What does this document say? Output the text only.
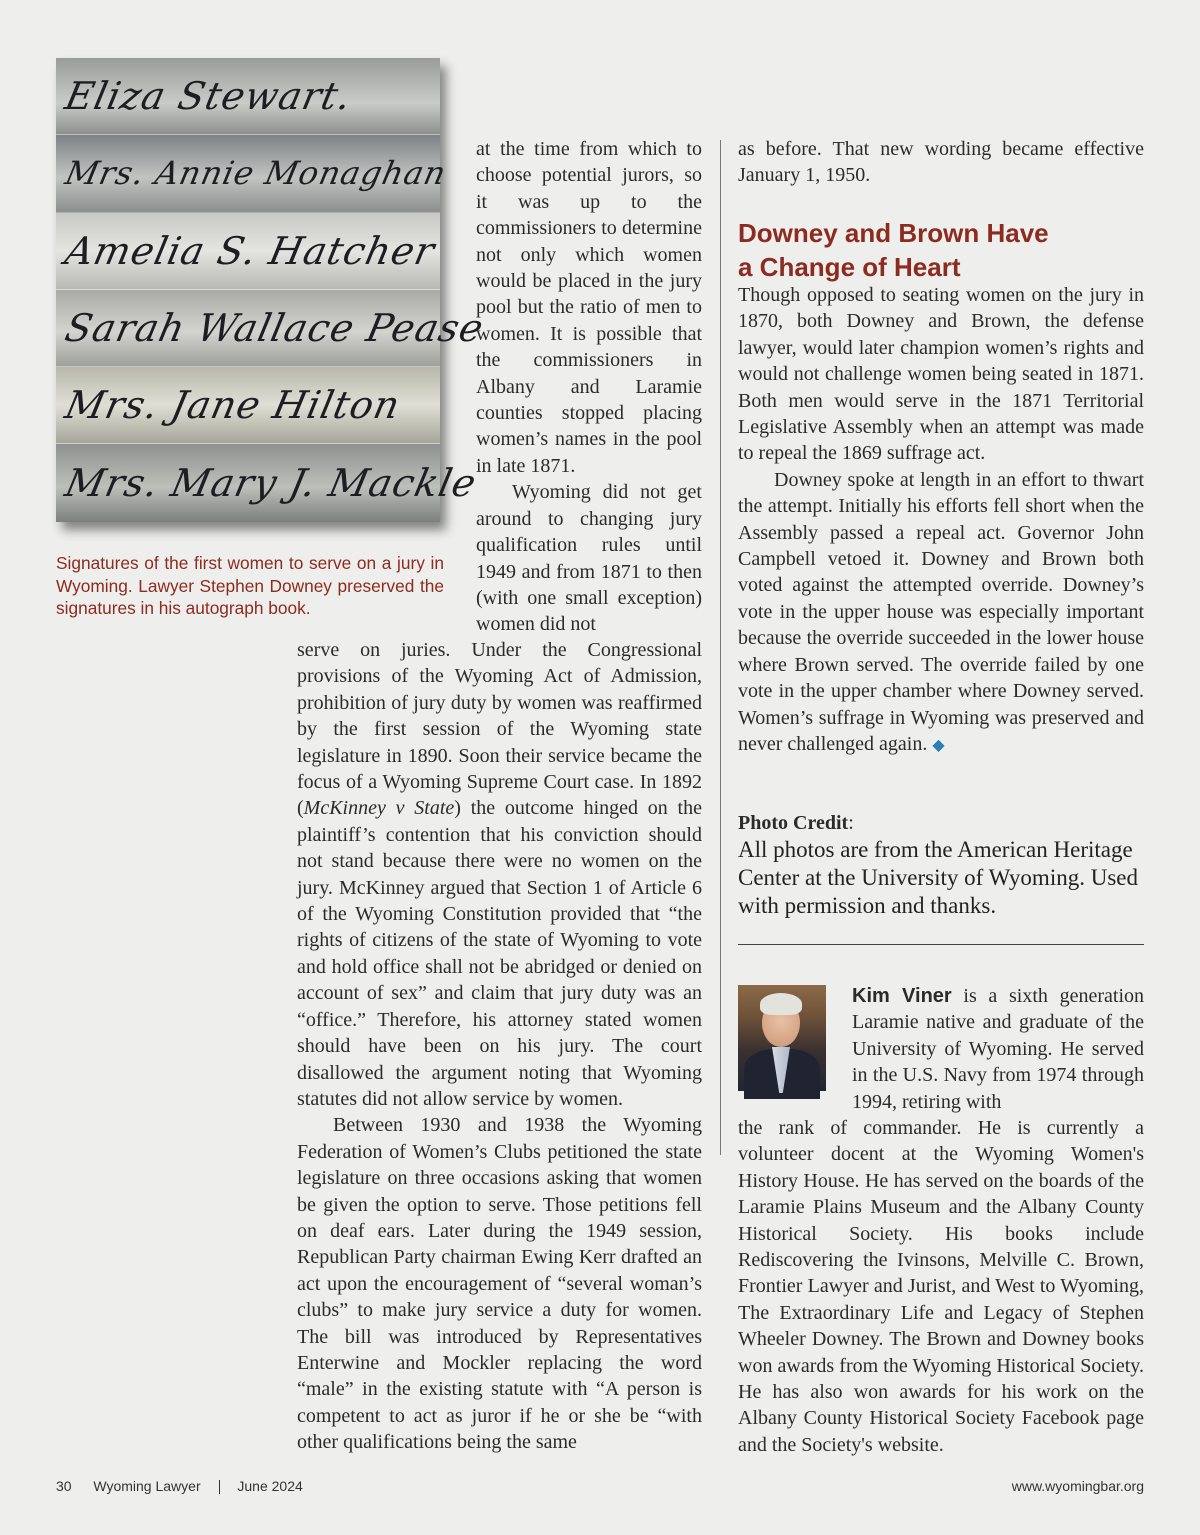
Eliza Stewart.
Mrs. Annie Monaghan
Amelia S. Hatcher
Sarah Wallace Pease
Mrs. Jane Hilton
Mrs. Mary J. Mackle
Signatures of the first women to serve on a jury in Wyoming. Lawyer Stephen Downey preserved the signatures in his autograph book.

at the time from which to choose potential jurors, so it was up to the commissioners to determine not only which women would be placed in the jury pool but the ratio of men to women. It is possible that the commissioners in Albany and Laramie counties stopped placing women’s names in the pool in late 1871.

Wyoming did not get around to changing jury qualification rules until 1949 and from 1871 to then (with one small exception) women did not

serve on juries. Under the Congressional provisions of the Wyoming Act of Admission, prohibition of jury duty by women was reaffirmed by the first session of the Wyoming state legislature in 1890. Soon their service became the focus of a Wyoming Supreme Court case. In 1892 (McKinney v State) the outcome hinged on the plaintiff’s contention that his conviction should not stand because there were no women on the jury. McKinney argued that Section 1 of Article 6 of the Wyoming Constitution provided that “the rights of citizens of the state of Wyoming to vote and hold office shall not be abridged or denied on account of sex” and claim that jury duty was an “office.” Therefore, his attorney stated women should have been on his jury. The court disallowed the argument noting that Wyoming statutes did not allow service by women.

Between 1930 and 1938 the Wyoming Federation of Women’s Clubs petitioned the state legislature on three occasions asking that women be given the option to serve. Those petitions fell on deaf ears. Later during the 1949 session, Republican Party chairman Ewing Kerr drafted an act upon the encouragement of “several woman’s clubs” to make jury service a duty for women. The bill was introduced by Representatives Enterwine and Mockler replacing the word “male” in the existing statute with “A person is competent to act as juror if he or she be “with other qualifications being the same

as before. That new wording became effective January 1, 1950.

Downey and Brown Have
a Change of Heart

Though opposed to seating women on the jury in 1870, both Downey and Brown, the defense lawyer, would later champion women’s rights and would not challenge women being seated in 1871. Both men would serve in the 1871 Territorial Legislative Assembly when an attempt was made to repeal the 1869 suffrage act.

Downey spoke at length in an effort to thwart the attempt. Initially his efforts fell short when the Assembly passed a repeal act. Governor John Campbell vetoed it. Downey and Brown both voted against the attempted override. Downey’s vote in the upper house was especially important because the override succeeded in the lower house where Brown served. The override failed by one vote in the upper chamber where Downey served. Women’s suffrage in Wyoming was preserved and never challenged again. ◆

Photo Credit:
All photos are from the American Heritage Center at the University of Wyoming. Used with permission and thanks.

Kim Viner is a sixth generation Laramie native and graduate of the University of Wyoming. He served in the U.S. Navy from 1974 through 1994, retiring with

the rank of commander. He is currently a volunteer docent at the Wyoming Women's History House. He has served on the boards of the Laramie Plains Museum and the Albany County Historical Society. His books include Rediscovering the Ivinsons, Melville C. Brown, Frontier Lawyer and Jurist, and West to Wyoming, The Extraordinary Life and Legacy of Stephen Wheeler Downey. The Brown and Downey books won awards from the Wyoming Historical Society. He has also won awards for his work on the Albany County Historical Society Facebook page and the Society's website.

30 Wyoming Lawyer	June 2024	www.wyomingbar.org
